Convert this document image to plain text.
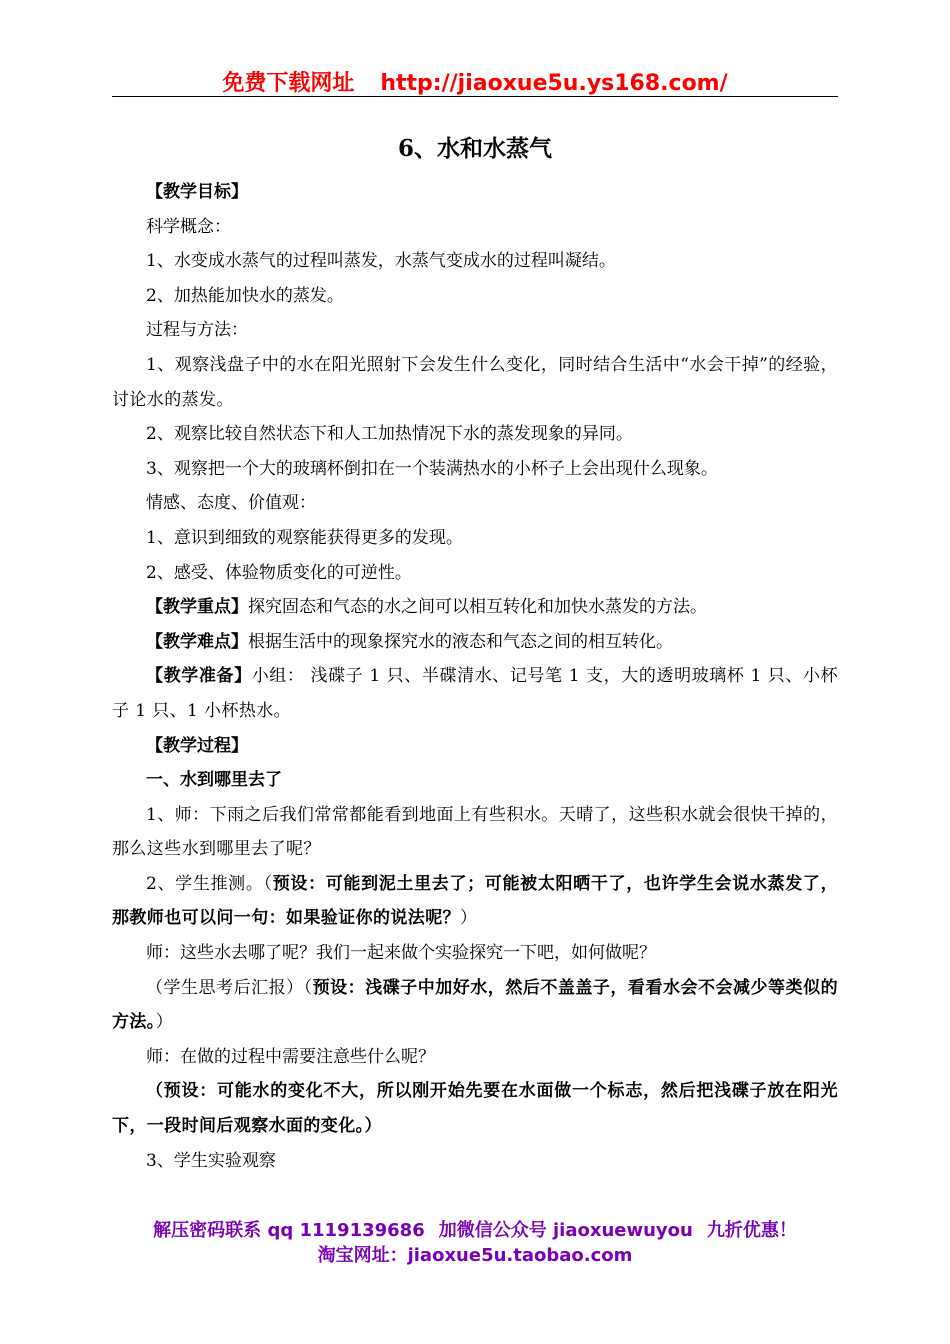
免费下载网址 http://jiaoxue5u.ys168.com/
6、水和水蒸气

【教学目标】

科学概念：

1、水变成水蒸气的过程叫蒸发，水蒸气变成水的过程叫凝结。

2、加热能加快水的蒸发。

过程与方法：

1、观察浅盘子中的水在阳光照射下会发生什么变化，同时结合生活中“水会干掉”的经验，讨论水的蒸发。

2、观察比较自然状态下和人工加热情况下水的蒸发现象的异同。

3、观察把一个大的玻璃杯倒扣在一个装满热水的小杯子上会出现什么现象。

情感、态度、价值观：

1、意识到细致的观察能获得更多的发现。

2、感受、体验物质变化的可逆性。

【教学重点】探究固态和气态的水之间可以相互转化和加快水蒸发的方法。

【教学难点】根据生活中的现象探究水的液态和气态之间的相互转化。

【教学准备】小组： 浅碟子 1 只、半碟清水、记号笔 1 支，大的透明玻璃杯 1 只、小杯子 1 只、1 小杯热水。

【教学过程】

一、水到哪里去了

1、师：下雨之后我们常常都能看到地面上有些积水。天晴了，这些积水就会很快干掉的，那么这些水到哪里去了呢？

2、学生推测。（预设：可能到泥土里去了；可能被太阳晒干了，也许学生会说水蒸发了，那教师也可以问一句：如果验证你的说法呢？）

师：这些水去哪了呢？我们一起来做个实验探究一下吧，如何做呢？

（学生思考后汇报）（预设：浅碟子中加好水，然后不盖盖子，看看水会不会减少等类似的方法。）

师：在做的过程中需要注意些什么呢？

（预设：可能水的变化不大，所以刚开始先要在水面做一个标志，然后把浅碟子放在阳光下，一段时间后观察水面的变化。）

3、学生实验观察

解压密码联系 qq 1119139686 加微信公众号 jiaoxuewuyou 九折优惠！
淘宝网址：jiaoxue5u.taobao.com
